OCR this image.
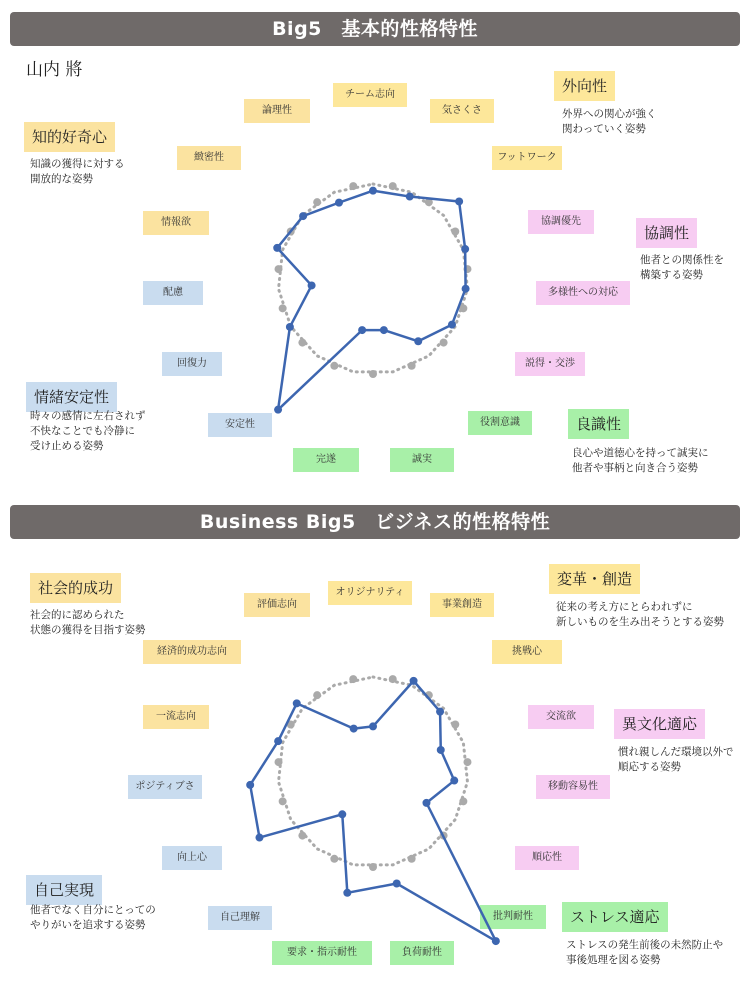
Big5　基本的性格特性
山内 將
外向性
外界への関心が強く
関わっていく姿勢
協調性
他者との関係性を
構築する姿勢
良識性
良心や道徳心を持って誠実に
他者や事柄と向き合う姿勢
情緒安定性
時々の感情に左右されず
不快なことでも冷静に
受け止める姿勢
知的好奇心
知識の獲得に対する
開放的な姿勢
チーム志向
気さくさ
フットワーク
協調優先
多様性への対応
説得・交渉
役割意識
誠実
完遂
安定性
回復力
配慮
情報欲
緻密性
論理性
Business Big5　ビジネス的性格特性
変革・創造
従来の考え方にとらわれずに
新しいものを生み出そうとする姿勢
異文化適応
慣れ親しんだ環境以外で
順応する姿勢
ストレス適応
ストレスの発生前後の未然防止や
事後処理を図る姿勢
自己実現
他者でなく自分にとっての
やりがいを追求する姿勢
社会的成功
社会的に認められた
状態の獲得を目指す姿勢
オリジナリティ
事業創造
挑戦心
交流欲
移動容易性
順応性
批判耐性
負荷耐性
要求・指示耐性
自己理解
向上心
ポジティブさ
一流志向
経済的成功志向
評価志向
